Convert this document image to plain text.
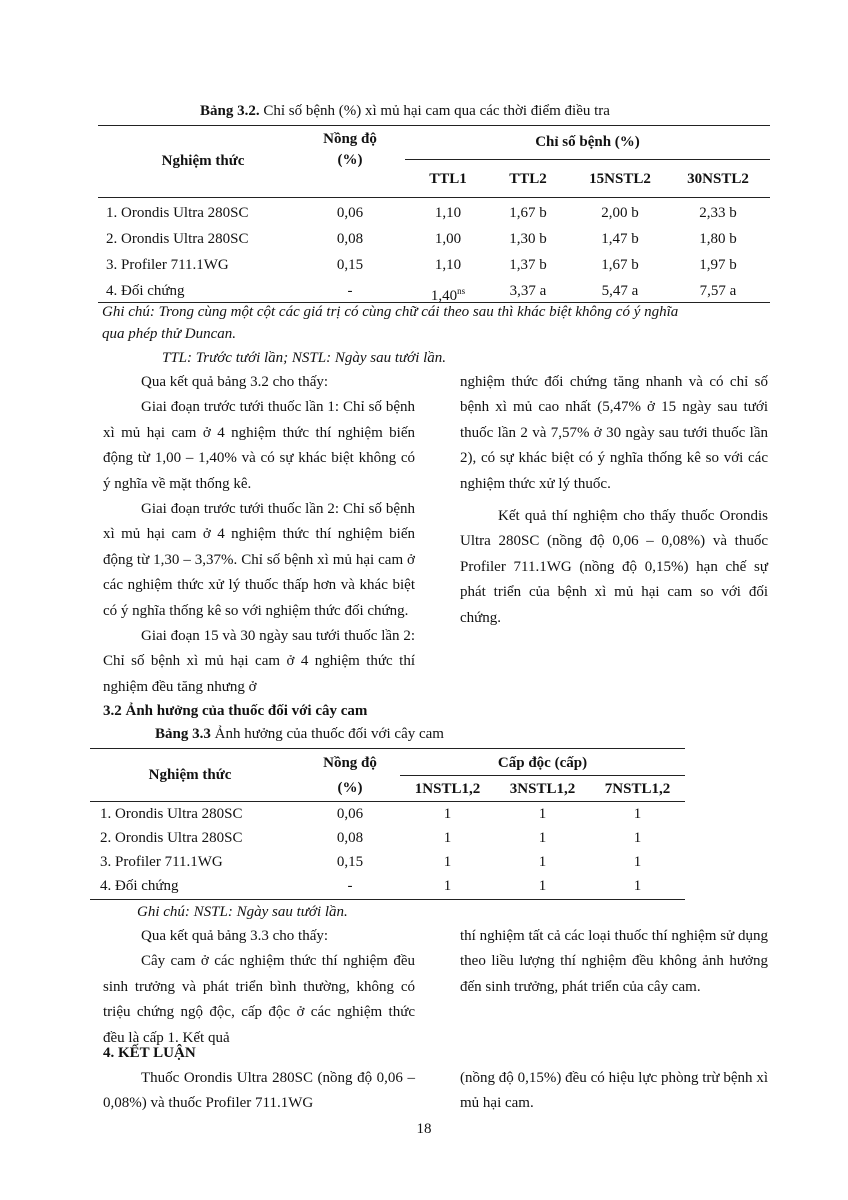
Bảng 3.2. Chỉ số bệnh (%) xì mủ hại cam qua các thời điểm điều tra
Nghiệm thức
Nồng độ
(%)
Chỉ số bệnh (%)
TTL1	TTL2	15NSTL2	30NSTL2
1. Orondis Ultra 280SC	0,06	1,10	1,67 b	2,00 b	2,33 b
2. Orondis Ultra 280SC	0,08	1,00	1,30 b	1,47 b	1,80 b
3. Profiler 711.1WG	0,15	1,10	1,37 b	1,67 b	1,97 b
4. Đối chứng	-	$1,40^{ns}$	3,37 a	5,47 a	7,57 a
Ghi chú: Trong cùng một cột các giá trị có cùng chữ cái theo sau thì khác biệt không có ý nghĩa
qua phép thử Duncan.
TTL: Trước tưới lần; NSTL: Ngày sau tưới lần.

Qua kết quả bảng 3.2 cho thấy:

Giai đoạn trước tưới thuốc lần 1: Chỉ số bệnh xì mủ hại cam ở 4 nghiệm thức thí nghiệm biến động từ 1,00 – 1,40% và có sự khác biệt không có ý nghĩa về mặt thống kê.

Giai đoạn trước tưới thuốc lần 2: Chỉ số bệnh xì mủ hại cam ở 4 nghiệm thức thí nghiệm biến động từ 1,30 – 3,37%. Chỉ số bệnh xì mủ hại cam ở các nghiệm thức xử lý thuốc thấp hơn và khác biệt có ý nghĩa thống kê so với nghiệm thức đối chứng.

Giai đoạn 15 và 30 ngày sau tưới thuốc lần 2: Chỉ số bệnh xì mủ hại cam ở 4 nghiệm thức thí nghiệm đều tăng nhưng ở

nghiệm thức đối chứng tăng nhanh và có chỉ số bệnh xì mủ cao nhất (5,47% ở 15 ngày sau tưới thuốc lần 2 và 7,57% ở 30 ngày sau tưới thuốc lần 2), có sự khác biệt có ý nghĩa thống kê so với các nghiệm thức xử lý thuốc.

Kết quả thí nghiệm cho thấy thuốc Orondis Ultra 280SC (nồng độ 0,06 – 0,08%) và thuốc Profiler 711.1WG (nồng độ 0,15%) hạn chế sự phát triển của bệnh xì mủ hại cam so với đối chứng.

3.2 Ảnh hưởng của thuốc đối với cây cam
Bảng 3.3 Ảnh hưởng của thuốc đối với cây cam
Nghiệm thức
Nồng độ
(%)
Cấp độc (cấp)
1NSTL1,2	3NSTL1,2	7NSTL1,2
1. Orondis Ultra 280SC	0,06	1	1	1
2. Orondis Ultra 280SC	0,08	1	1	1
3. Profiler 711.1WG	0,15	1	1	1
4. Đối chứng	-	1	1	1
Ghi chú: NSTL: Ngày sau tưới lần.

Qua kết quả bảng 3.3 cho thấy:

Cây cam ở các nghiệm thức thí nghiệm đều sinh trưởng và phát triển bình thường, không có triệu chứng ngộ độc, cấp độc ở các nghiệm thức đều là cấp 1. Kết quả

thí nghiệm tất cả các loại thuốc thí nghiệm sử dụng theo liều lượng thí nghiệm đều không ảnh hưởng đến sinh trưởng, phát triển của cây cam.

4. KẾT LUẬN

Thuốc Orondis Ultra 280SC (nồng độ 0,06 – 0,08%) và thuốc Profiler 711.1WG

(nồng độ 0,15%) đều có hiệu lực phòng trừ bệnh xì mủ hại cam.

18
